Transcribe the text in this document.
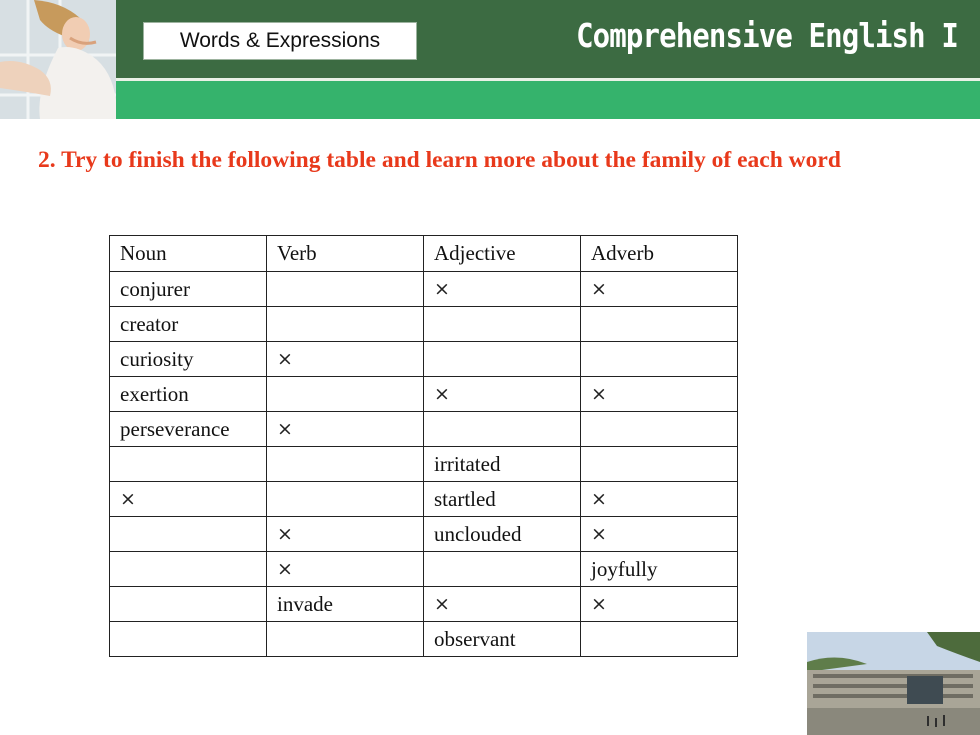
Words & Expressions	Comprehensive English I
2. Try to finish the following table and learn more about the family of each word
Noun	Verb	Adjective	Adverb
conjurer		×	×
creator			
curiosity	×		
exertion		×	×
perseverance	×		
		irritated	
×		startled	×
	×	unclouded	×
	×		joyfully
	invade	×	×
		observant	
